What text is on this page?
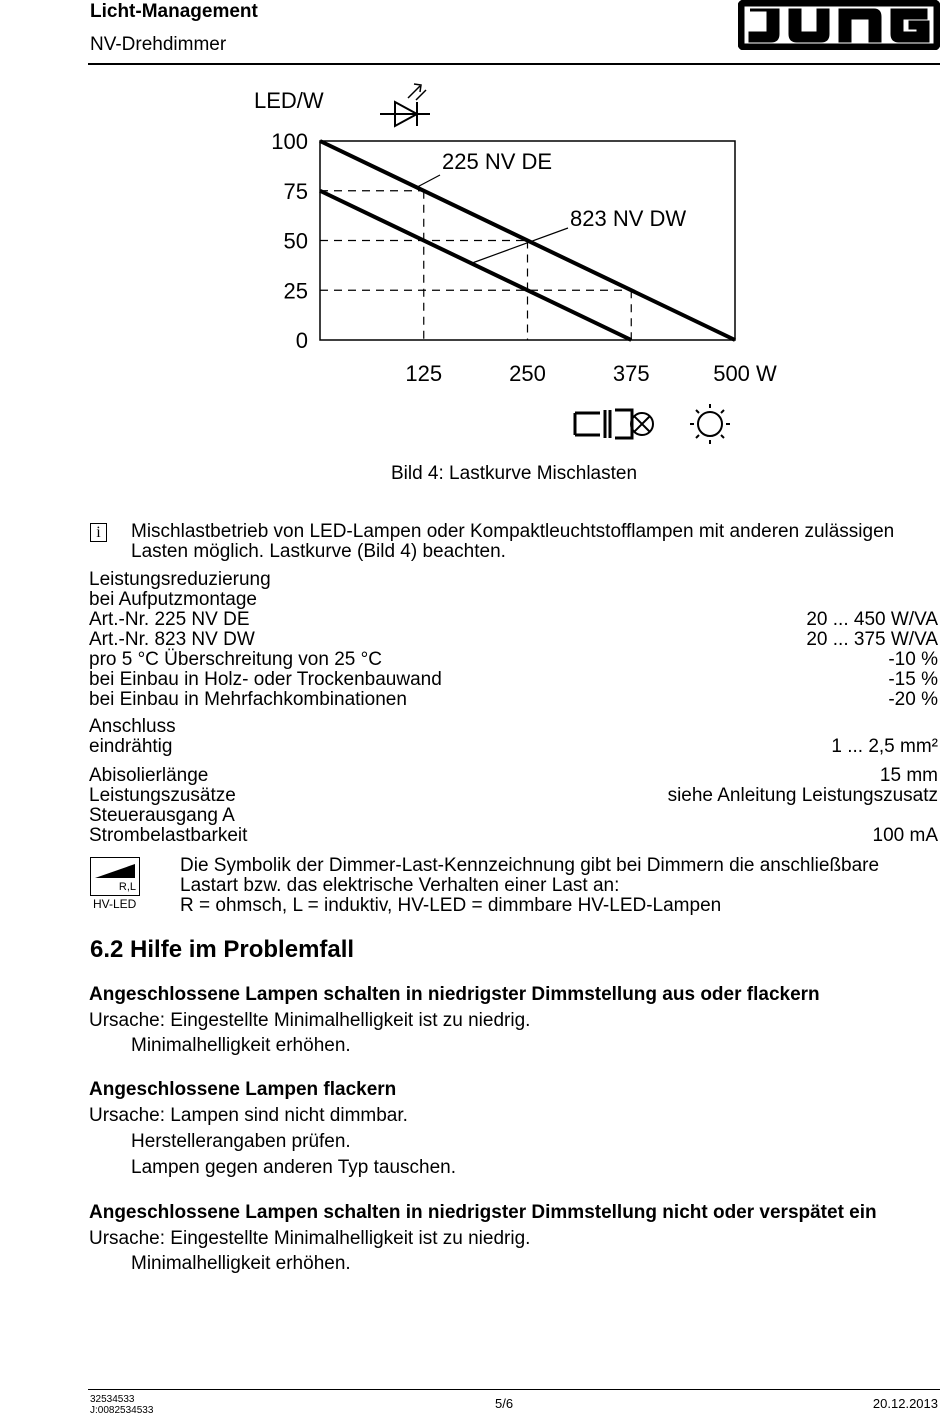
Licht-Management
NV-Drehdimmer
LED/W
100
75
50
25
0
125	250	375	500 W
225 NV DE
823 NV DW
Bild 4: Lastkurve Mischlasten
i	Mischlastbetrieb von LED-Lampen oder Kompaktleuchtstofflampen mit anderen zulässigen
Lasten möglich. Lastkurve (Bild 4) beachten.
Leistungsreduzierung
bei Aufputzmontage
Art.-Nr. 225 NV DE	20 ... 450 W/VA
Art.-Nr. 823 NV DW	20 ... 375 W/VA
pro 5 °C Überschreitung von 25 °C	-10 %
bei Einbau in Holz- oder Trockenbauwand	-15 %
bei Einbau in Mehrfachkombinationen	-20 %
Anschluss
eindrähtig	1 ... 2,5 mm²
Abisolierlänge	15 mm
Leistungszusätze	siehe Anleitung Leistungszusatz
Steuerausgang A
Strombelastbarkeit	100 mA
R,L
HV-LED
Die Symbolik der Dimmer-Last-Kennzeichnung gibt bei Dimmern die anschließbare
Lastart bzw. das elektrische Verhalten einer Last an:
R = ohmsch, L = induktiv, HV-LED = dimmbare HV-LED-Lampen
6.2 Hilfe im Problemfall
Angeschlossene Lampen schalten in niedrigster Dimmstellung aus oder flackern
Ursache: Eingestellte Minimalhelligkeit ist zu niedrig.
Minimalhelligkeit erhöhen.
Angeschlossene Lampen flackern
Ursache: Lampen sind nicht dimmbar.
Herstellerangaben prüfen.
Lampen gegen anderen Typ tauschen.
Angeschlossene Lampen schalten in niedrigster Dimmstellung nicht oder verspätet ein
Ursache: Eingestellte Minimalhelligkeit ist zu niedrig.
Minimalhelligkeit erhöhen.
32534533
J:0082534533	5/6	20.12.2013
